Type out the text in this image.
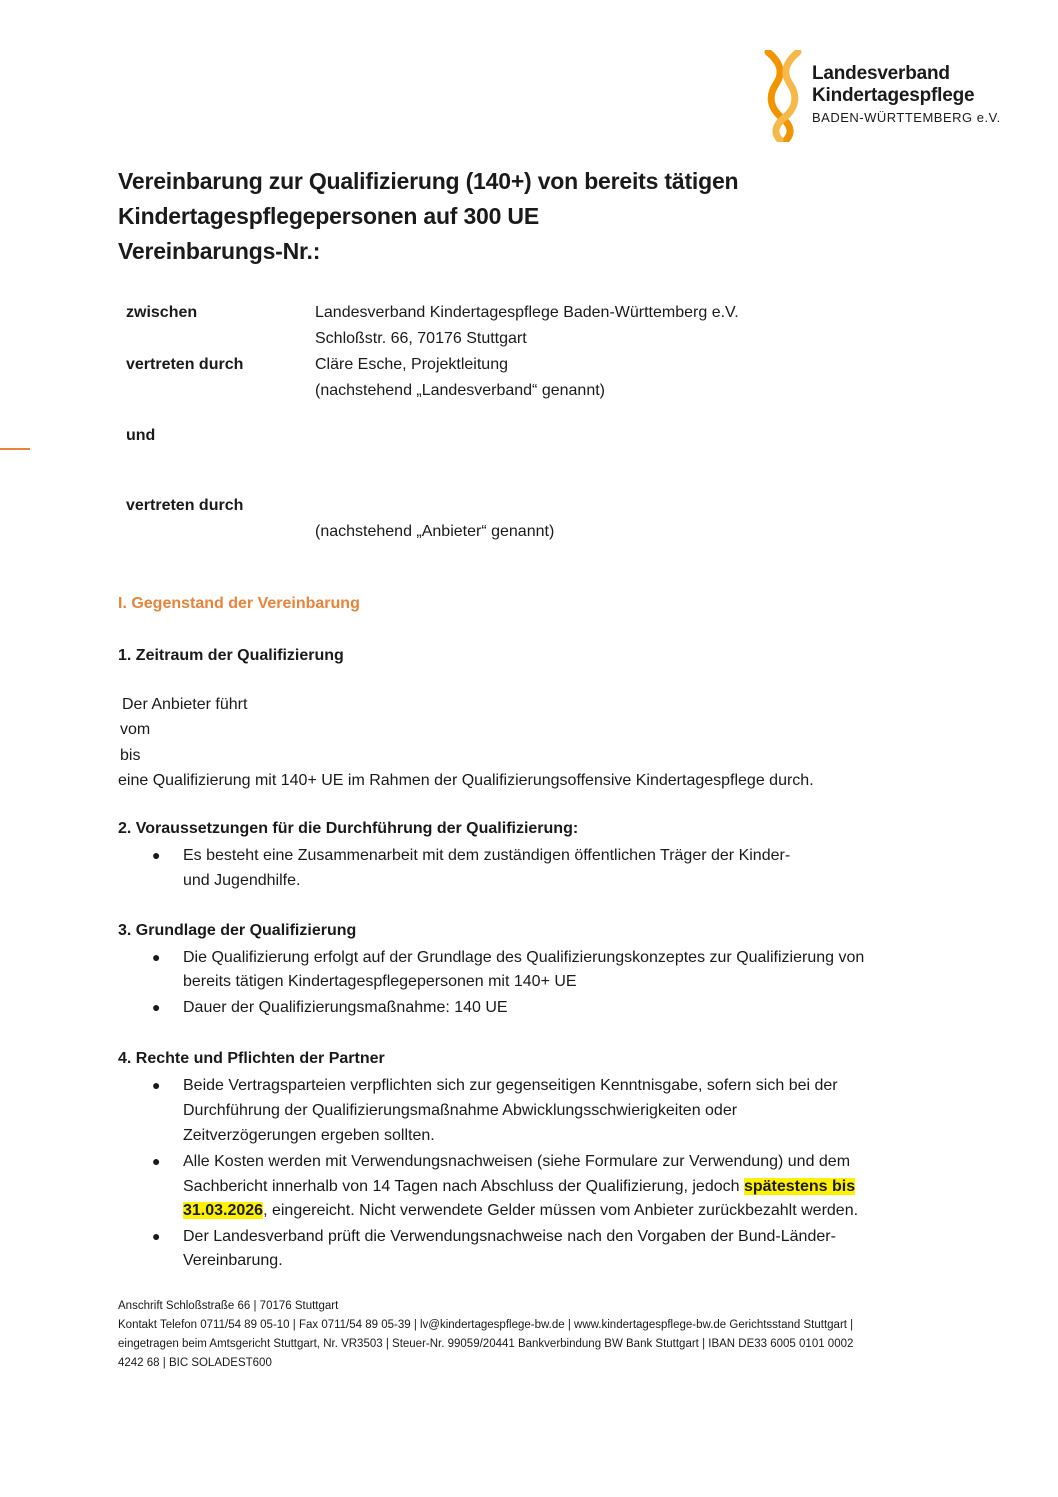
Landesverband
Kindertagespflege
BADEN-WÜRTTEMBERG e.V.
Vereinbarung zur Qualifizierung (140+) von bereits tätigen
Kindertagespflegepersonen auf 300 UE
Vereinbarungs-Nr.:
zwischen	Landesverband Kindertagespflege Baden-Württemberg e.V.
Schloßstr. 66, 70176 Stuttgart
vertreten durch	Cläre Esche, Projektleitung
(nachstehend „Landesverband“ genannt)
und
vertreten durch
(nachstehend „Anbieter“ genannt)
I. Gegenstand der Vereinbarung
1. Zeitraum der Qualifizierung
Der Anbieter führt
vom
bis
eine Qualifizierung mit 140+ UE im Rahmen der Qualifizierungsoffensive Kindertagespflege durch.
2. Voraussetzungen für die Durchführung der Qualifizierung:
● Es besteht eine Zusammenarbeit mit dem zuständigen öffentlichen Träger der Kinder-
und Jugendhilfe.
3. Grundlage der Qualifizierung
● Die Qualifizierung erfolgt auf der Grundlage des Qualifizierungskonzeptes zur Qualifizierung von
bereits tätigen Kindertagespflegepersonen mit 140+ UE
● Dauer der Qualifizierungsmaßnahme: 140 UE
4. Rechte und Pflichten der Partner
● Beide Vertragsparteien verpflichten sich zur gegenseitigen Kenntnisgabe, sofern sich bei der
Durchführung der Qualifizierungsmaßnahme Abwicklungsschwierigkeiten oder
Zeitverzögerungen ergeben sollten.
● Alle Kosten werden mit Verwendungsnachweisen (siehe Formulare zur Verwendung) und dem
Sachbericht innerhalb von 14 Tagen nach Abschluss der Qualifizierung, jedoch spätestens bis
31.03.2026, eingereicht. Nicht verwendete Gelder müssen vom Anbieter zurückbezahlt werden.
● Der Landesverband prüft die Verwendungsnachweise nach den Vorgaben der Bund-Länder-
Vereinbarung.
Anschrift Schloßstraße 66 | 70176 Stuttgart
Kontakt Telefon 0711/54 89 05-10 | Fax 0711/54 89 05-39 | lv@kindertagespflege-bw.de | www.kindertagespflege-bw.de Gerichtsstand Stuttgart |
eingetragen beim Amtsgericht Stuttgart, Nr. VR3503 | Steuer-Nr. 99059/20441 Bankverbindung BW Bank Stuttgart | IBAN DE33 6005 0101 0002
4242 68 | BIC SOLADEST600
